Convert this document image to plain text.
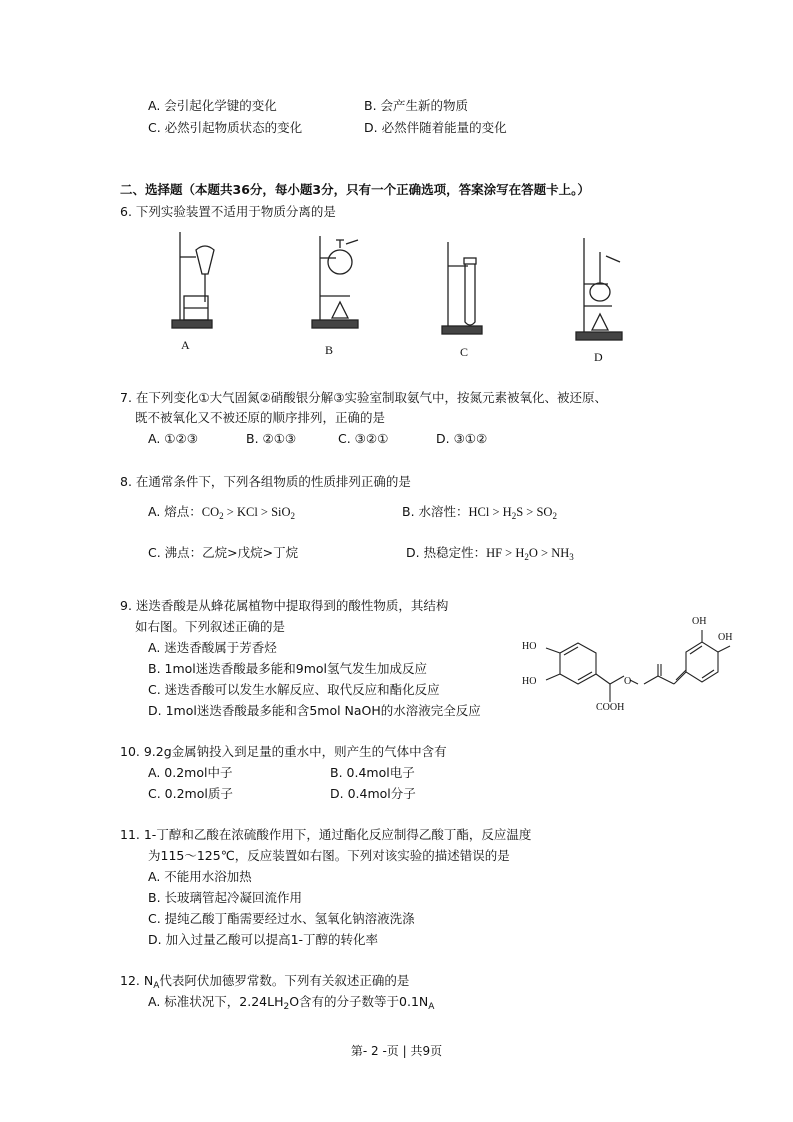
A. 会引起化学键的变化	B. 会产生新的物质
C. 必然引起物质状态的变化	D. 必然伴随着能量的变化
二、选择题（本题共36分，每小题3分，只有一个正确选项，答案涂写在答题卡上。）
6. 下列实验装置不适用于物质分离的是
A	B	C	D
7. 在下列变化①大气固氮②硝酸银分解③实验室制取氨气中，按氮元素被氧化、被还原、
既不被氧化又不被还原的顺序排列，正确的是
A. ①②③	B. ②①③	C. ③②①	D. ③①②
8. 在通常条件下，下列各组物质的性质排列正确的是
A. 熔点：$CO_2$ > KCl > SiO$_2$	B. 水溶性：HCl > $H_2S > SO_2$
C. 沸点：乙烷>戊烷>丁烷	D. 热稳定性：HF > $H_2O > NH_3$
9. 迷迭香酸是从蜂花属植物中提取得到的酸性物质，其结构
如右图。下列叙述正确的是
A. 迷迭香酸属于芳香烃
B. 1mol迷迭香酸最多能和9mol氢气发生加成反应
C. 迷迭香酸可以发生水解反应、取代反应和酯化反应
D. 1mol迷迭香酸最多能和含5mol NaOH的水溶液完全反应
HO
HO
OH
OH
O
COOH
10. 9.2g金属钠投入到足量的重水中，则产生的气体中含有
A. 0.2mol中子	B. 0.4mol电子
C. 0.2mol质子	D. 0.4mol分子
11. 1-丁醇和乙酸在浓硫酸作用下，通过酯化反应制得乙酸丁酯，反应温度
为115～125℃，反应装置如右图。下列对该实验的描述错误的是
A. 不能用水浴加热
B. 长玻璃管起冷凝回流作用
C. 提纯乙酸丁酯需要经过水、氢氧化钠溶液洗涤
D. 加入过量乙酸可以提高1-丁醇的转化率
12. $N_A$代表阿伏加德罗常数。下列有关叙述正确的是
A. 标准状况下，$2.24LH_2O$含有的分子数等于$0.1N_A$
第- 2 -页 | 共9页
